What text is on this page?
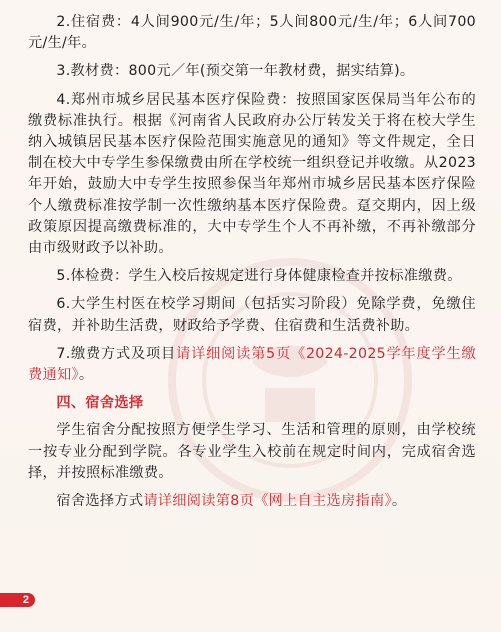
2.住宿费：4人间900元/生/年；5人间800元/生/年；6人间700元/生/年。

3.教材费：800元／年(预交第一年教材费，据实结算)。

4.郑州市城乡居民基本医疗保险费：按照国家医保局当年公布的缴费标准执行。根据《河南省人民政府办公厅转发关于将在校大学生纳入城镇居民基本医疗保险范围实施意见的通知》等文件规定，全日制在校大中专学生参保缴费由所在学校统一组织登记并收缴。从2023年开始，鼓励大中专学生按照参保当年郑州市城乡居民基本医疗保险个人缴费标准按学制一次性缴纳基本医疗保险费。趸交期内，因上级政策原因提高缴费标准的，大中专学生个人不再补缴，不再补缴部分由市级财政予以补助。

5.体检费：学生入校后按规定进行身体健康检查并按标准缴费。

6.大学生村医在校学习期间（包括实习阶段）免除学费，免缴住宿费，并补助生活费，财政给予学费、住宿费和生活费补助。

7.缴费方式及项目请详细阅读第5页《2024-2025学年度学生缴费通知》。

四、宿舍选择

学生宿舍分配按照方便学生学习、生活和管理的原则，由学校统一按专业分配到学院。各专业学生入校前在规定时间内，完成宿舍选择，并按照标准缴费。

宿舍选择方式请详细阅读第8页《网上自主选房指南》。

2
